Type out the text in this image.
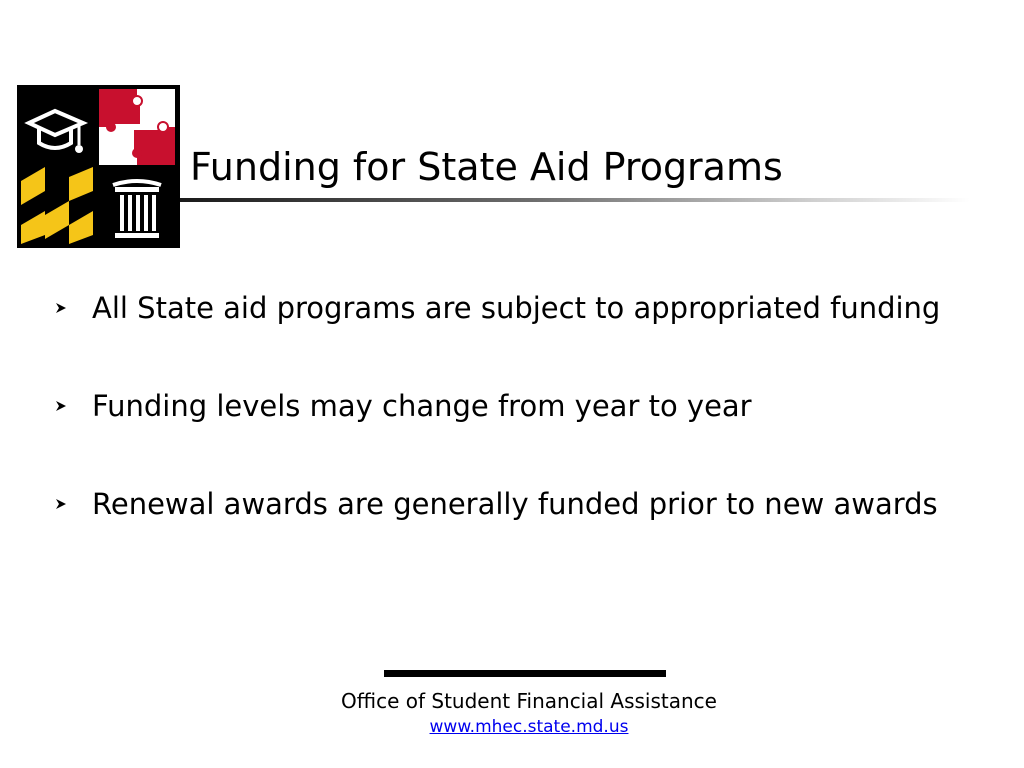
Funding for State Aid Programs
All State aid programs are subject to appropriated funding
Funding levels may change from year to year
Renewal awards are generally funded prior to new awards
Office of Student Financial Assistance
www.mhec.state.md.us
